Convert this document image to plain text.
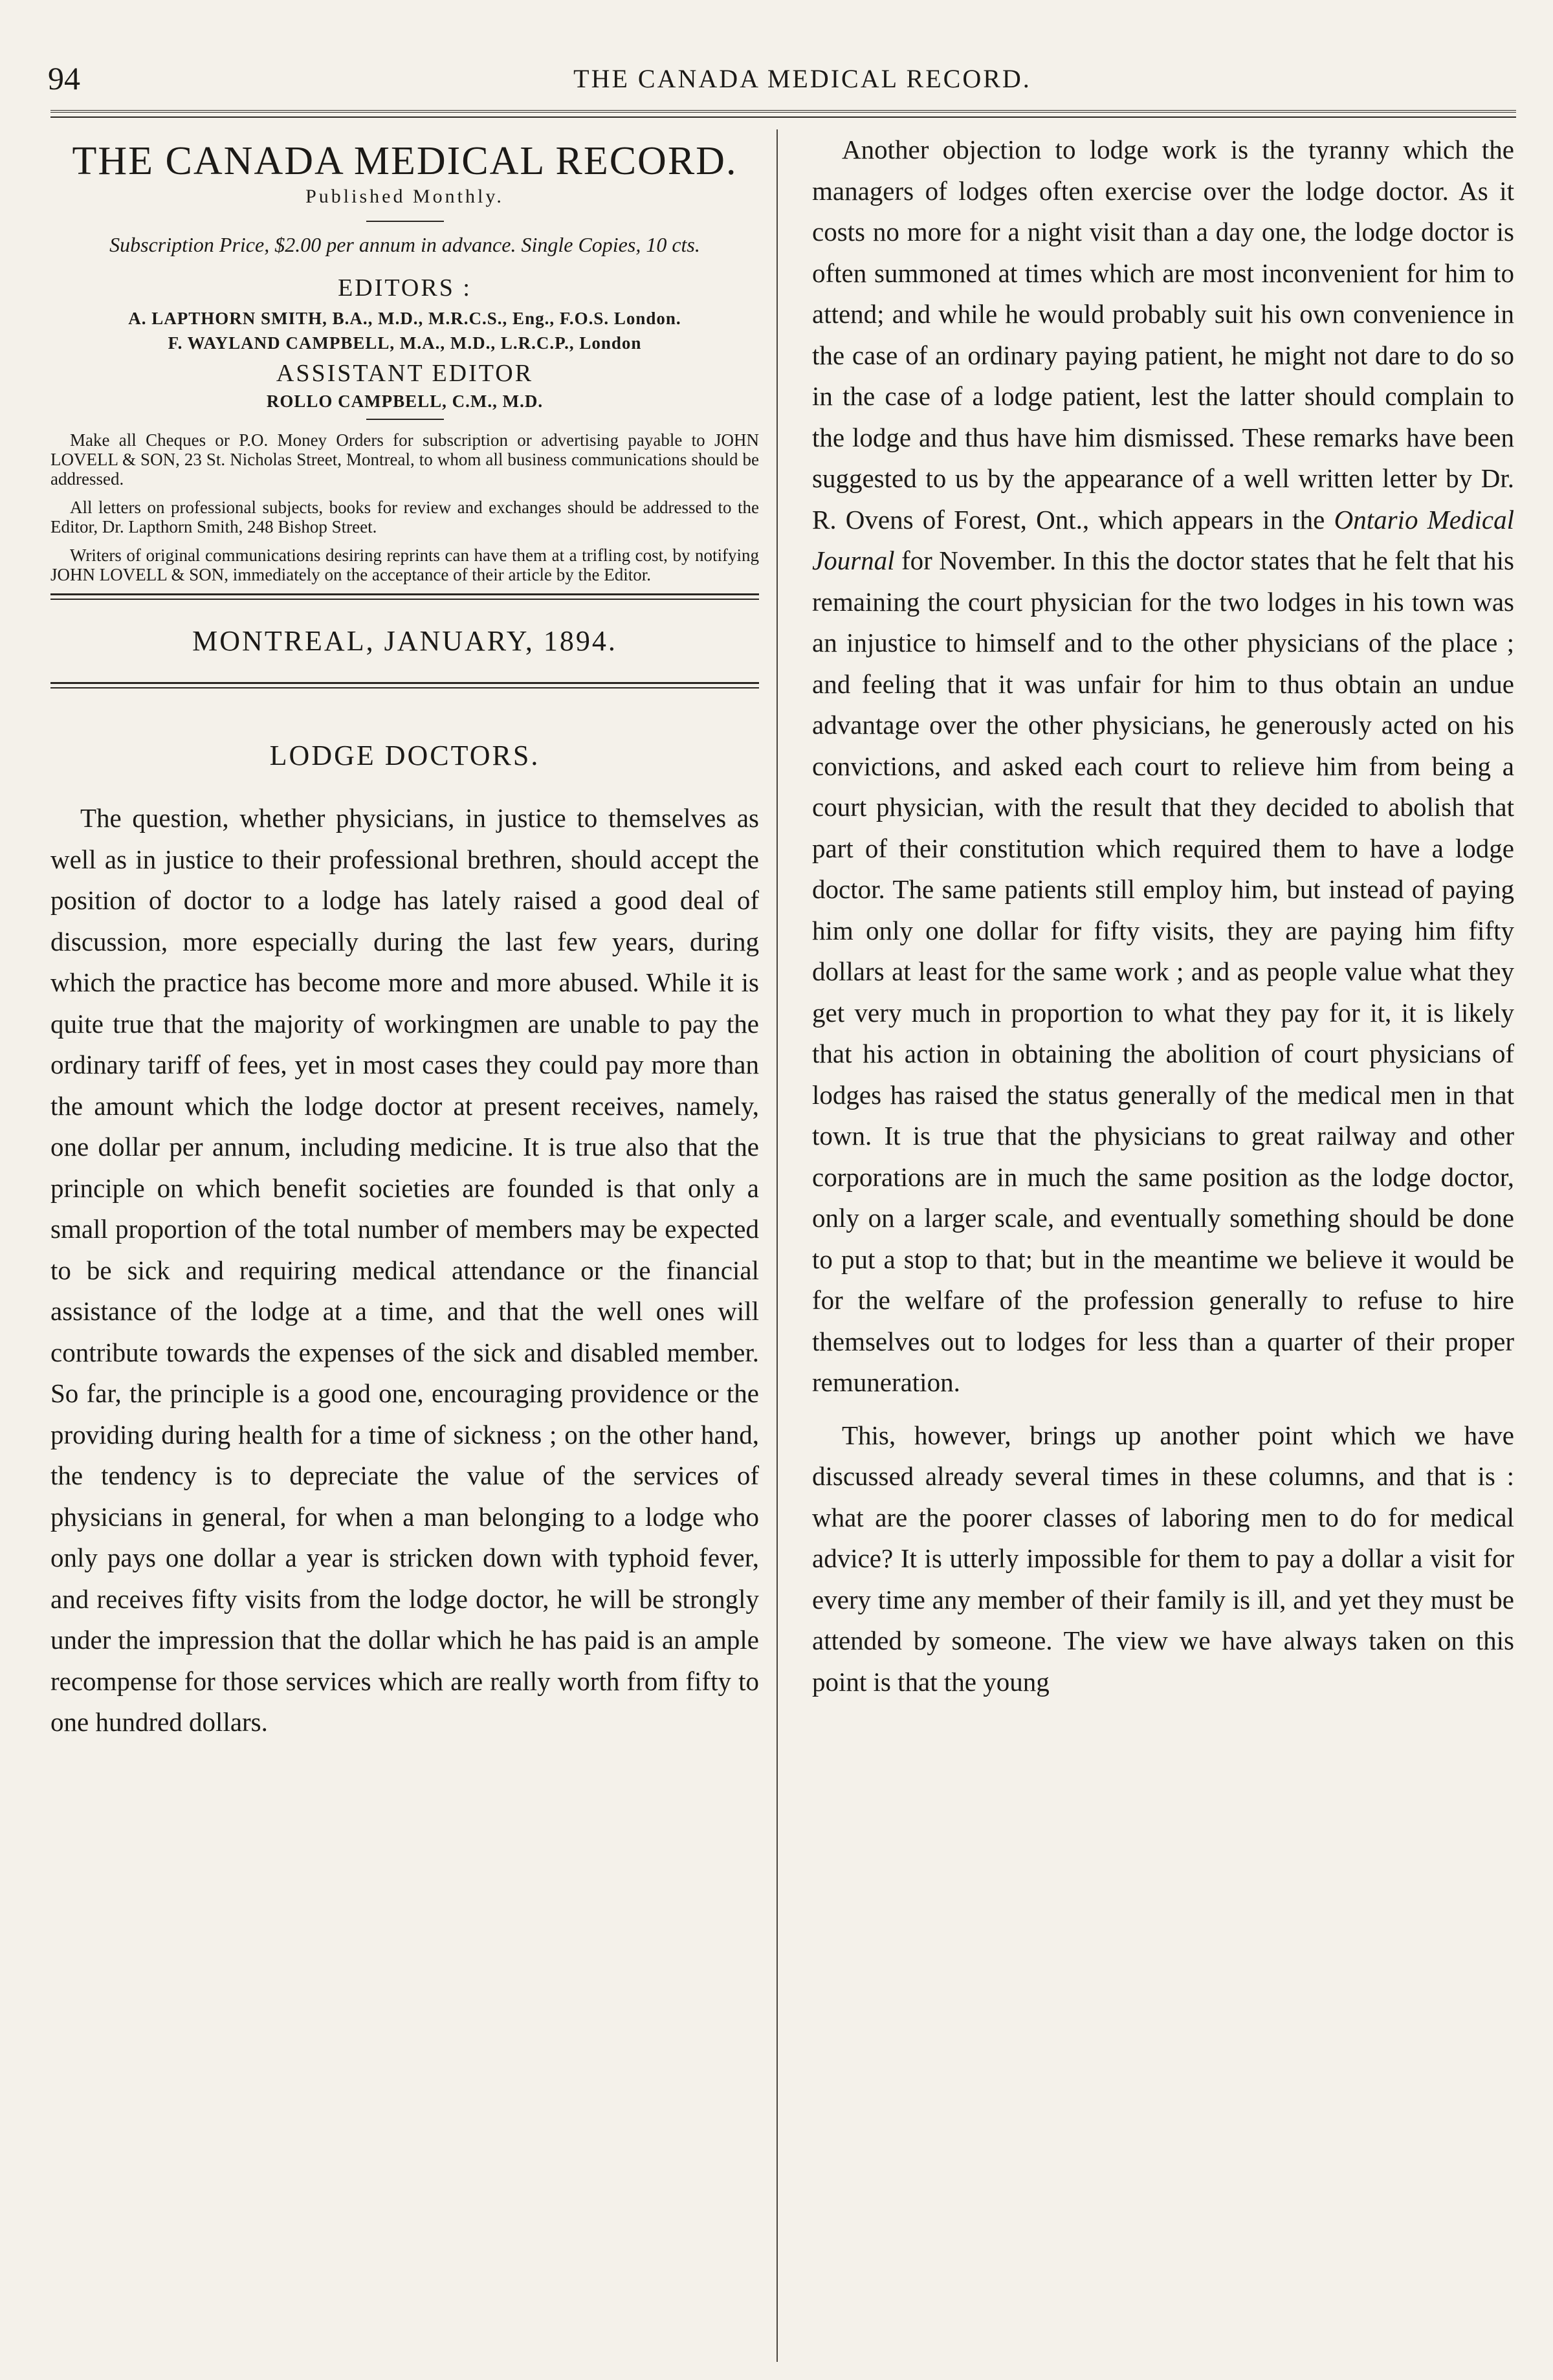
94	THE CANADA MEDICAL RECORD.
THE CANADA MEDICAL RECORD.
Published Monthly.
Subscription Price, $2.00 per annum in advance. Single Copies, 10 cts.
EDITORS :
A. LAPTHORN SMITH, B.A., M.D., M.R.C.S., Eng., F.O.S. London.
F. WAYLAND CAMPBELL, M.A., M.D., L.R.C.P., London
ASSISTANT EDITOR
ROLLO CAMPBELL, C.M., M.D.

Make all Cheques or P.O. Money Orders for subscription or advertising payable to JOHN LOVELL & SON, 23 St. Nicholas Street, Montreal, to whom all business communications should be addressed.

All letters on professional subjects, books for review and exchanges should be addressed to the Editor, Dr. Lapthorn Smith, 248 Bishop Street.

Writers of original communications desiring reprints can have them at a trifling cost, by notifying JOHN LOVELL & SON, immediately on the acceptance of their article by the Editor.

MONTREAL, JANUARY, 1894.
LODGE DOCTORS.

The question, whether physicians, in justice to themselves as well as in justice to their professional brethren, should accept the position of doctor to a lodge has lately raised a good deal of discussion, more especially during the last few years, during which the practice has become more and more abused. While it is quite true that the majority of workingmen are unable to pay the ordinary tariff of fees, yet in most cases they could pay more than the amount which the lodge doctor at present receives, namely, one dollar per annum, including medicine. It is true also that the principle on which benefit societies are founded is that only a small proportion of the total number of members may be expected to be sick and requiring medical attendance or the financial assistance of the lodge at a time, and that the well ones will contribute towards the expenses of the sick and disabled member. So far, the principle is a good one, encouraging providence or the providing during health for a time of sickness ; on the other hand, the tendency is to depreciate the value of the services of physicians in general, for when a man belonging to a lodge who only pays one dollar a year is stricken down with typhoid fever, and receives fifty visits from the lodge doctor, he will be strongly under the impression that the dollar which he has paid is an ample recompense for those services which are really worth from fifty to one hundred dollars.

Another objection to lodge work is the tyranny which the managers of lodges often exercise over the lodge doctor. As it costs no more for a night visit than a day one, the lodge doctor is often summoned at times which are most inconvenient for him to attend; and while he would probably suit his own convenience in the case of an ordinary paying patient, he might not dare to do so in the case of a lodge patient, lest the latter should complain to the lodge and thus have him dismissed. These remarks have been suggested to us by the appearance of a well written letter by Dr. R. Ovens of Forest, Ont., which appears in the Ontario Medical Journal for November. In this the doctor states that he felt that his remaining the court physician for the two lodges in his town was an injustice to himself and to the other physicians of the place ; and feeling that it was unfair for him to thus obtain an undue advantage over the other physicians, he generously acted on his convictions, and asked each court to relieve him from being a court physician, with the result that they decided to abolish that part of their constitution which required them to have a lodge doctor. The same patients still employ him, but instead of paying him only one dollar for fifty visits, they are paying him fifty dollars at least for the same work ; and as people value what they get very much in proportion to what they pay for it, it is likely that his action in obtaining the abolition of court physicians of lodges has raised the status generally of the medical men in that town. It is true that the physicians to great railway and other corporations are in much the same position as the lodge doctor, only on a larger scale, and eventually something should be done to put a stop to that; but in the meantime we believe it would be for the welfare of the profession generally to refuse to hire themselves out to lodges for less than a quarter of their proper remuneration.

This, however, brings up another point which we have discussed already several times in these columns, and that is : what are the poorer classes of laboring men to do for medical advice? It is utterly impossible for them to pay a dollar a visit for every time any member of their family is ill, and yet they must be attended by someone. The view we have always taken on this point is that the young
